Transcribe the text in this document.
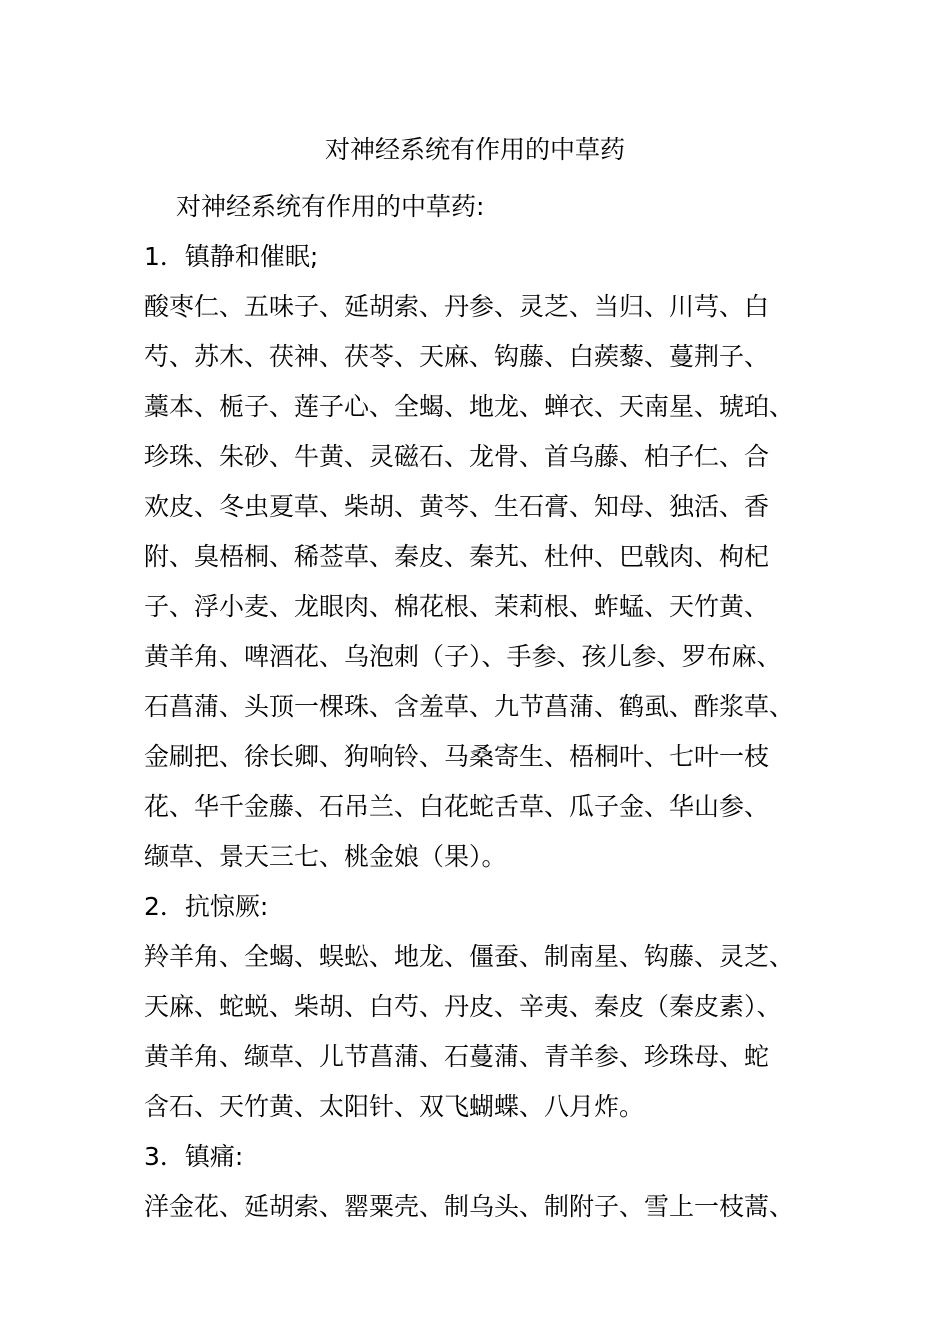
对神经系统有作用的中草药
对神经系统有作用的中草药:
1．镇静和催眠;
酸枣仁、五味子、延胡索、丹参、灵芝、当归、川芎、白
芍、苏木、茯神、茯苓、天麻、钩藤、白蒺藜、蔓荆子、
藁本、栀子、莲子心、全蝎、地龙、蝉衣、天南星、琥珀、
珍珠、朱砂、牛黄、灵磁石、龙骨、首乌藤、柏子仁、合
欢皮、冬虫夏草、柴胡、黄芩、生石膏、知母、独活、香
附、臭梧桐、稀莶草、秦皮、秦艽、杜仲、巴戟肉、枸杞
子、浮小麦、龙眼肉、棉花根、茉莉根、蚱蜢、天竹黄、
黄羊角、啤酒花、乌泡刺（子）、手参、孩儿参、罗布麻、
石菖蒲、头顶一棵珠、含羞草、九节菖蒲、鹤虱、酢浆草、
金刷把、徐长卿、狗响铃、马桑寄生、梧桐叶、七叶一枝
花、华千金藤、石吊兰、白花蛇舌草、瓜子金、华山参、
缬草、景天三七、桃金娘（果）。
2．抗惊厥:
羚羊角、全蝎、蜈蚣、地龙、僵蚕、制南星、钩藤、灵芝、
天麻、蛇蜕、柴胡、白芍、丹皮、辛夷、秦皮（秦皮素）、
黄羊角、缬草、儿节菖蒲、石蔓蒲、青羊参、珍珠母、蛇
含石、天竹黄、太阳针、双飞蝴蝶、八月炸。
3．镇痛:
洋金花、延胡索、罂粟壳、制乌头、制附子、雪上一枝蒿、
